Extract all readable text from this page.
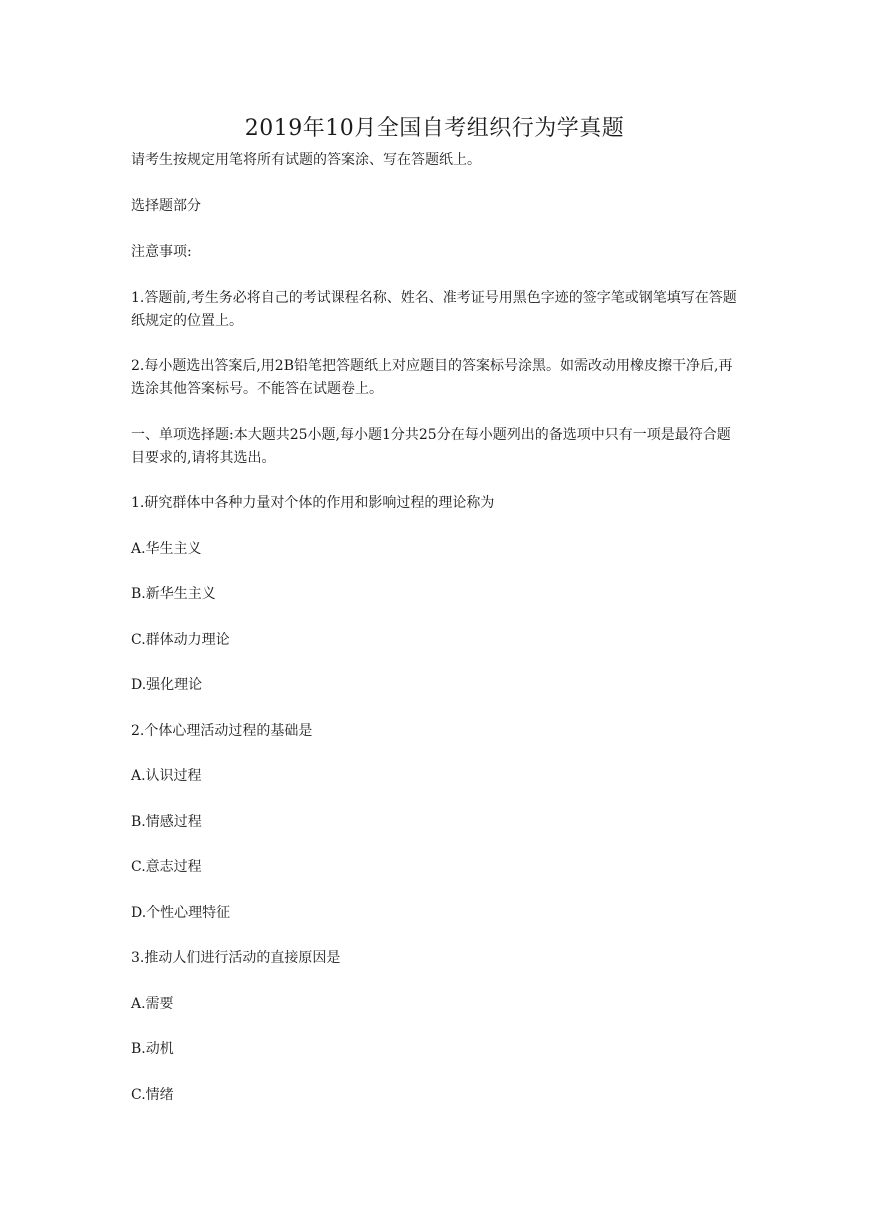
2019年10月全国自考组织行为学真题

请考生按规定用笔将所有试题的答案涂、写在答题纸上。

选择题部分

注意事项:

1.答题前,考生务必将自己的考试课程名称、姓名、准考证号用黑色字迹的签字笔或钢笔填写在答题纸规定的位置上。

2.每小题选出答案后,用2B铅笔把答题纸上对应题目的答案标号涂黑。如需改动用橡皮擦干净后,再选涂其他答案标号。不能答在试题卷上。

一、单项选择题:本大题共25小题,每小题1分共25分在每小题列出的备选项中只有一项是最符合题目要求的,请将其选出。

1.研究群体中各种力量对个体的作用和影响过程的理论称为

A.华生主义

B.新华生主义

C.群体动力理论

D.强化理论

2.个体心理活动过程的基础是

A.认识过程

B.情感过程

C.意志过程

D.个性心理特征

3.推动人们进行活动的直接原因是

A.需要

B.动机

C.情绪
